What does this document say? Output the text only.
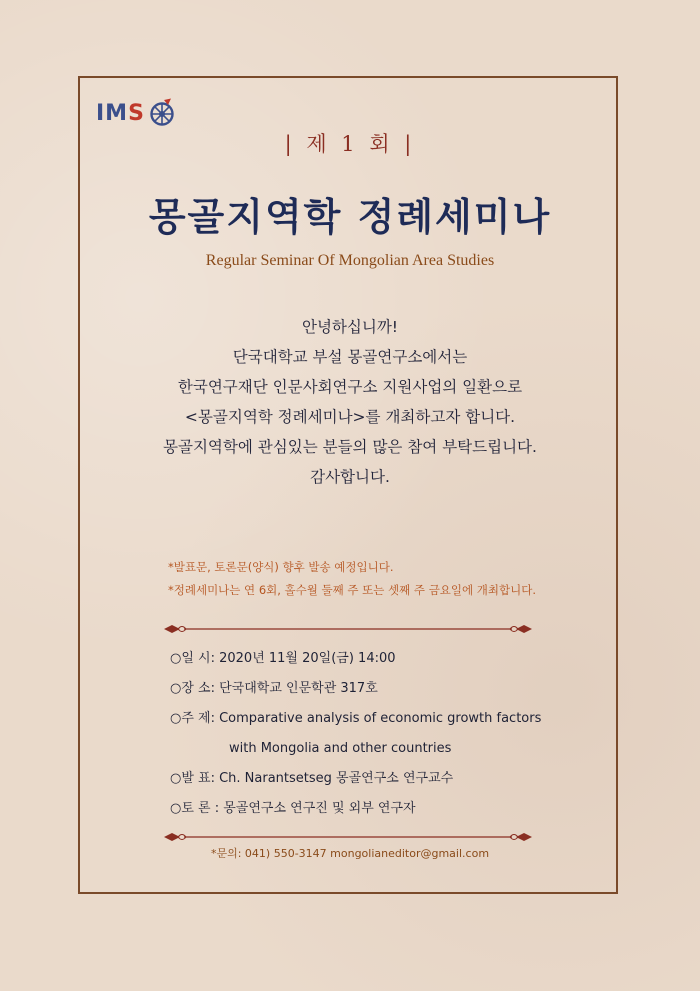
IMS
| 제 1 회 |
몽골지역학 정례세미나
Regular Seminar Of Mongolian Area Studies
안녕하십니까!
단국대학교 부설 몽골연구소에서는
한국연구재단 인문사회연구소 지원사업의 일환으로
<몽골지역학 정례세미나>를 개최하고자 합니다.
몽골지역학에 관심있는 분들의 많은 참여 부탁드립니다.
감사합니다.
*발표문, 토론문(양식) 향후 발송 예정입니다.
*정례세미나는 연 6회, 홀수월 둘째 주 또는 셋째 주 금요일에 개최합니다.
○일 시: 2020년 11월 20일(금) 14:00
○장 소: 단국대학교 인문학관 317호
○주 제: Comparative analysis of economic growth factors
with Mongolia and other countries
○발 표: Ch. Narantsetseg 몽골연구소 연구교수
○토 론 : 몽골연구소 연구진 및 외부 연구자
*문의: 041) 550-3147 mongolianeditor@gmail.com
